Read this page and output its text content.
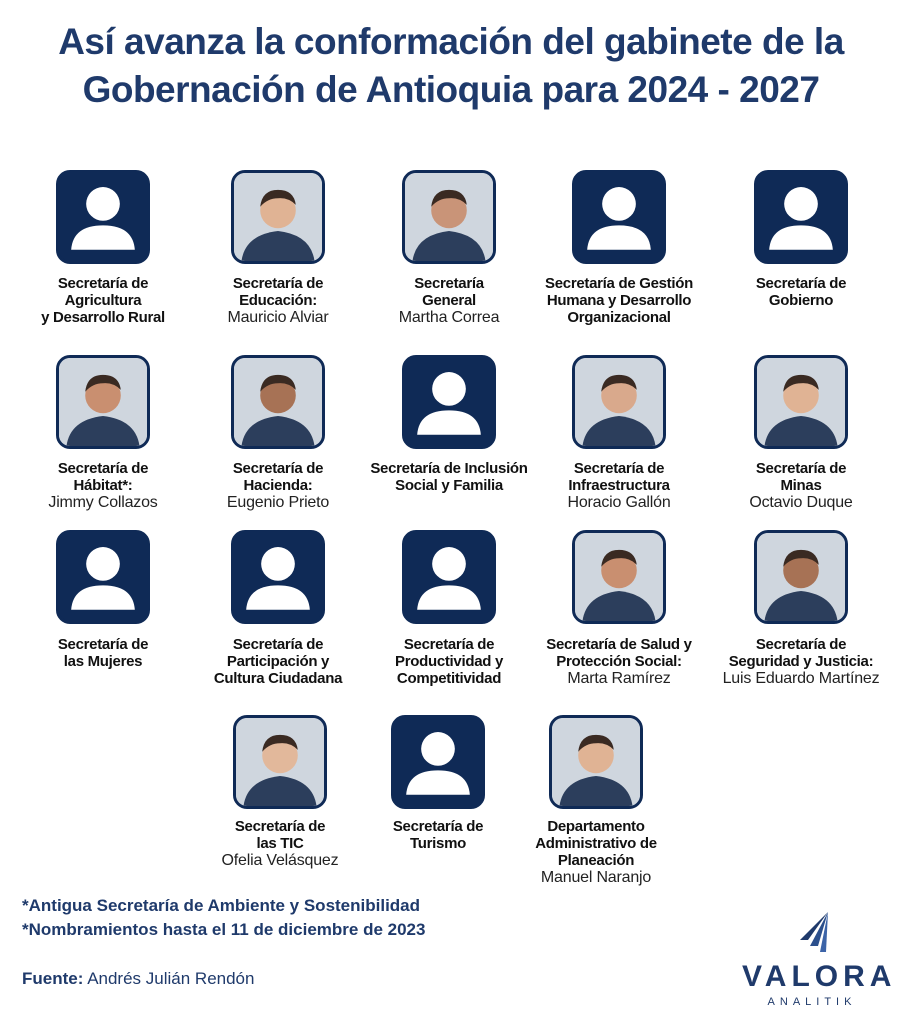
Así avanza la conformación del gabinete de la
Gobernación de Antioquia para 2024 - 2027
Secretaría de
Agricultura
y Desarrollo Rural
Secretaría de
Educación:
Mauricio Alviar
Secretaría
General
Martha Correa
Secretaría de Gestión
Humana y Desarrollo
Organizacional
Secretaría de
Gobierno
Secretaría de
Hábitat*:
Jimmy Collazos
Secretaría de
Hacienda:
Eugenio Prieto
Secretaría de Inclusión
Social y Familia
Secretaría de
Infraestructura
Horacio Gallón
Secretaría de
Minas
Octavio Duque
Secretaría de
las Mujeres
Secretaría de
Participación y
Cultura Ciudadana
Secretaría de
Productividad y
Competitividad
Secretaría de Salud y
Protección Social:
Marta Ramírez
Secretaría de
Seguridad y Justicia:
Luis Eduardo Martínez
Secretaría de
las TIC
Ofelia Velásquez
Secretaría de
Turismo
Departamento
Administrativo de
Planeación
Manuel Naranjo
*Antigua Secretaría de Ambiente y Sostenibilidad
*Nombramientos hasta el 11 de diciembre de 2023
Fuente: Andrés Julián Rendón	VALORA
ANALITIK
